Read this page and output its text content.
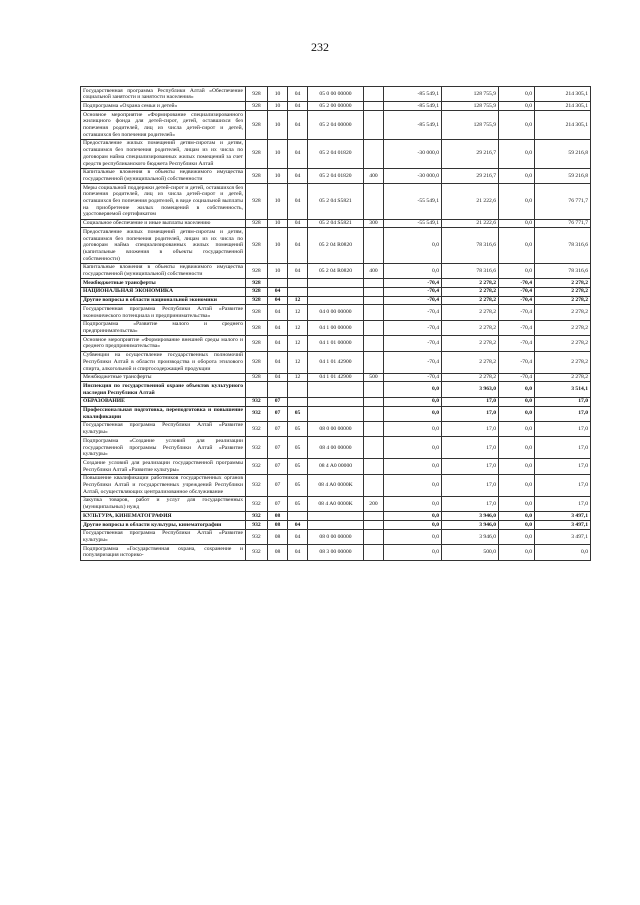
232
Государственная программа Республики Алтай «Обеспечение социальной занятости и занятости населения»	928	10	04	05 0 00 00000		-85 549,1	128 755,9	0,0	214 305,1
Подпрограмма «Охрана семьи и детей»	928	10	04	05 2 00 00000		-85 549,1	128 755,9	0,0	214 305,1
Основное мероприятие «Формирование специализированного жилищного фонда для детей-сирот, детей, оставшихся без попечения родителей, лиц из числа детей-сирот и детей, оставшихся без попечения родителей»	928	10	04	05 2 04 00000		-85 549,1	128 755,9	0,0	214 305,1
Предоставление жилых помещений детям-сиротам и детям, оставшимся без попечения родителей, лицам из их числа по договорам найма специализированных жилых помещений за счет средств республиканского бюджета Республики Алтай	928	10	04	05 2 04 01820		-30 000,0	29 216,7	0,0	59 216,8
Капитальные вложения в объекты недвижимого имущества государственной (муниципальной) собственности	928	10	04	05 2 04 01820	400	-30 000,0	29 216,7	0,0	59 216,8
Меры социальной поддержки детей-сирот и детей, оставшихся без попечения родителей, лиц из числа детей-сирот и детей, оставшихся без попечения родителей, в виде социальной выплаты на приобретение жилых помещений в собственность, удостоверяемой сертификатом	928	10	04	05 2 04 S5821		-55 549,1	21 222,6	0,0	76 771,7
Социальное обеспечение и иные выплаты населению	928	10	04	05 2 04 S5821	300	-55 549,1	21 222,6	0,0	76 771,7
Предоставление жилых помещений детям-сиротам и детям, оставшимся без попечения родителей, лицам из их числа по договорам найма специализированных жилых помещений (капитальные вложения в объекты государственной собственности)	928	10	04	05 2 04 R0820		0,0	78 316,6	0,0	78 316,6
Капитальные вложения в объекты недвижимого имущества государственной (муниципальной) собственности	928	10	04	05 2 04 R0820	400	0,0	78 316,6	0,0	78 316,6
Межбюджетные трансферты	928					-70,4	2 278,2	-70,4	2 278,2
НАЦИОНАЛЬНАЯ ЭКОНОМИКА	928	04				-70,4	2 278,2	-70,4	2 278,2
Другие вопросы в области национальной экономики	928	04	12			-70,4	2 278,2	-70,4	2 278,2
Государственная программа Республики Алтай «Развитие экономического потенциала и предпринимательства»	928	04	12	04 0 00 00000		-70,4	2 278,2	-70,4	2 278,2
Подпрограмма «Развитие малого и среднего предпринимательства»	928	04	12	04 1 00 00000		-70,4	2 278,2	-70,4	2 278,2
Основное мероприятие «Формирование внешней среды малого и среднего предпринимательства»	928	04	12	04 1 01 00000		-70,4	2 278,2	-70,4	2 278,2
Субвенции на осуществление государственных полномочий Республики Алтай в области производства и оборота этилового спирта, алкогольной и спиртосодержащей продукции	928	04	12	04 1 01 42900		-70,4	2 278,2	-70,4	2 278,2
Межбюджетные трансферты	928	04	12	04 1 01 42900	500	-70,4	2 278,2	-70,4	2 278,2
Инспекция по государственной охране объектов культурного наследия Республики Алтай						0,0	3 963,0	0,0	3 514,1
ОБРАЗОВАНИЕ	932	07				0,0	17,0	0,0	17,0
Профессиональная подготовка, переподготовка и повышение квалификации	932	07	05			0,0	17,0	0,0	17,0
Государственная программа Республики Алтай «Развитие культуры»	932	07	05	08 0 00 00000		0,0	17,0	0,0	17,0
Подпрограмма «Создание условий для реализации государственной программы Республики Алтай «Развитие культуры»	932	07	05	08 4 00 00000		0,0	17,0	0,0	17,0
Создание условий для реализации государственной программы Республики Алтай «Развитие культуры»	932	07	05	08 4 A0 00000		0,0	17,0	0,0	17,0
Повышение квалификации работников государственных органов Республики Алтай и государственных учреждений Республики Алтай, осуществляющих централизованное обслуживание	932	07	05	08 4 A0 0000K		0,0	17,0	0,0	17,0
Закупка товаров, работ и услуг для государственных (муниципальных) нужд	932	07	05	08 4 A0 0000K	200	0,0	17,0	0,0	17,0
КУЛЬТУРА, КИНЕМАТОГРАФИЯ	932	08				0,0	3 946,0	0,0	3 497,1
Другие вопросы в области культуры, кинематографии	932	08	04			0,0	3 946,0	0,0	3 497,1
Государственная программа Республики Алтай «Развитие культуры»	932	08	04	08 0 00 00000		0,0	3 946,0	0,0	3 497,1
Подпрограмма «Государственная охрана, сохранение и популяризация историко-	932	08	04	08 3 00 00000		0,0	500,0	0,0	0,0
